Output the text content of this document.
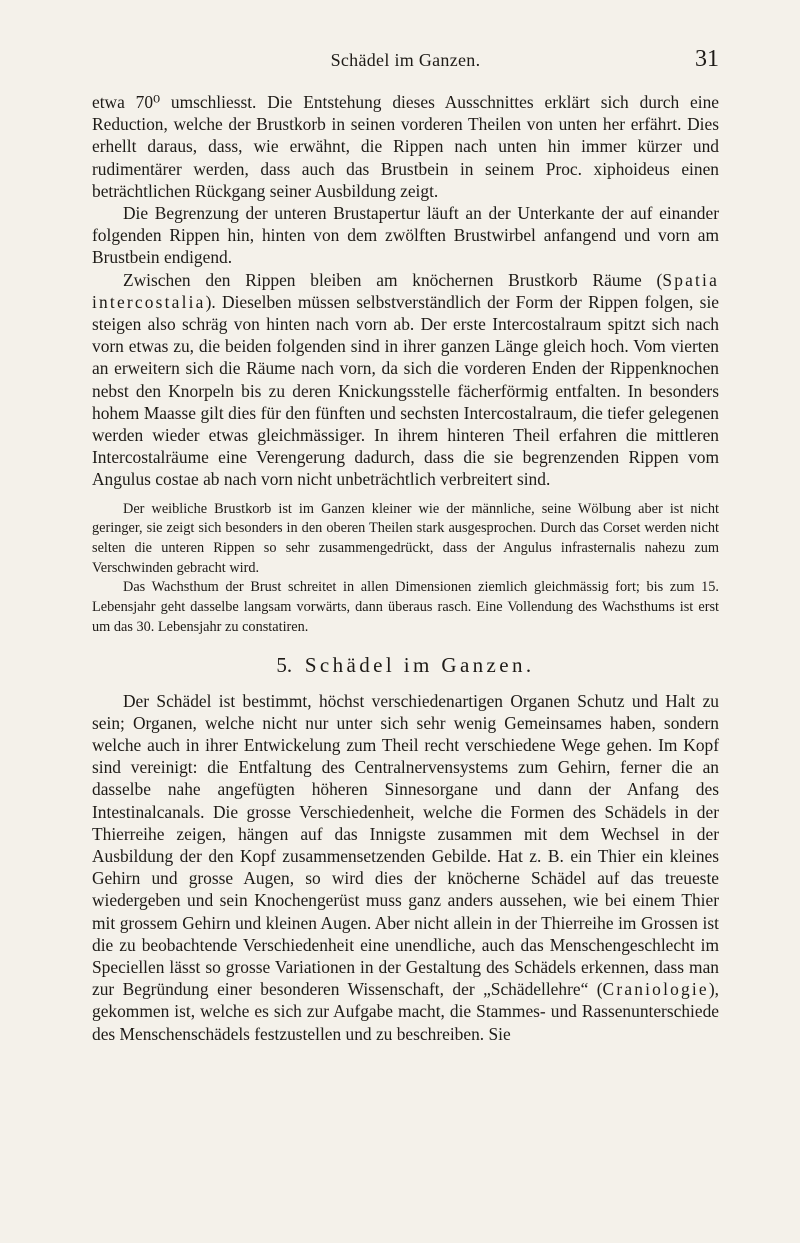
Schädel im Ganzen.	31

etwa 70⁰ umschliesst. Die Entstehung dieses Ausschnittes erklärt sich durch eine Reduction, welche der Brustkorb in seinen vorderen Theilen von unten her erfährt. Dies erhellt daraus, dass, wie erwähnt, die Rippen nach unten hin immer kürzer und rudimentärer werden, dass auch das Brustbein in seinem Proc. xiphoideus einen beträchtlichen Rückgang seiner Ausbildung zeigt.

Die Begrenzung der unteren Brustapertur läuft an der Unterkante der auf einander folgenden Rippen hin, hinten von dem zwölften Brustwirbel anfangend und vorn am Brustbein endigend.

Zwischen den Rippen bleiben am knöchernen Brustkorb Räume (Spatia intercostalia). Dieselben müssen selbstverständlich der Form der Rippen folgen, sie steigen also schräg von hinten nach vorn ab. Der erste Intercostalraum spitzt sich nach vorn etwas zu, die beiden folgenden sind in ihrer ganzen Länge gleich hoch. Vom vierten an erweitern sich die Räume nach vorn, da sich die vorderen Enden der Rippenknochen nebst den Knorpeln bis zu deren Knickungsstelle fächerförmig entfalten. In besonders hohem Maasse gilt dies für den fünften und sechsten Intercostalraum, die tiefer gelegenen werden wieder etwas gleichmässiger. In ihrem hinteren Theil erfahren die mittleren Intercostalräume eine Verengerung dadurch, dass die sie begrenzenden Rippen vom Angulus costae ab nach vorn nicht unbeträchtlich verbreitert sind.

Der weibliche Brustkorb ist im Ganzen kleiner wie der männliche, seine Wölbung aber ist nicht geringer, sie zeigt sich besonders in den oberen Theilen stark ausgesprochen. Durch das Corset werden nicht selten die unteren Rippen so sehr zusammengedrückt, dass der Angulus infrasternalis nahezu zum Verschwinden gebracht wird.

Das Wachsthum der Brust schreitet in allen Dimensionen ziemlich gleichmässig fort; bis zum 15. Lebensjahr geht dasselbe langsam vorwärts, dann überaus rasch. Eine Vollendung des Wachsthums ist erst um das 30. Lebensjahr zu constatiren.

5. Schädel im Ganzen.

Der Schädel ist bestimmt, höchst verschiedenartigen Organen Schutz und Halt zu sein; Organen, welche nicht nur unter sich sehr wenig Gemeinsames haben, sondern welche auch in ihrer Entwickelung zum Theil recht verschiedene Wege gehen. Im Kopf sind vereinigt: die Entfaltung des Centralnervensystems zum Gehirn, ferner die an dasselbe nahe angefügten höheren Sinnesorgane und dann der Anfang des Intestinalcanals. Die grosse Verschiedenheit, welche die Formen des Schädels in der Thierreihe zeigen, hängen auf das Innigste zusammen mit dem Wechsel in der Ausbildung der den Kopf zusammensetzenden Gebilde. Hat z. B. ein Thier ein kleines Gehirn und grosse Augen, so wird dies der knöcherne Schädel auf das treueste wiedergeben und sein Knochengerüst muss ganz anders aussehen, wie bei einem Thier mit grossem Gehirn und kleinen Augen. Aber nicht allein in der Thierreihe im Grossen ist die zu beobachtende Verschiedenheit eine unendliche, auch das Menschengeschlecht im Speciellen lässt so grosse Variationen in der Gestaltung des Schädels erkennen, dass man zur Begründung einer besonderen Wissenschaft, der „Schädellehre“ (Craniologie), gekommen ist, welche es sich zur Aufgabe macht, die Stammes- und Rassenunterschiede des Menschenschädels festzustellen und zu beschreiben. Sie
